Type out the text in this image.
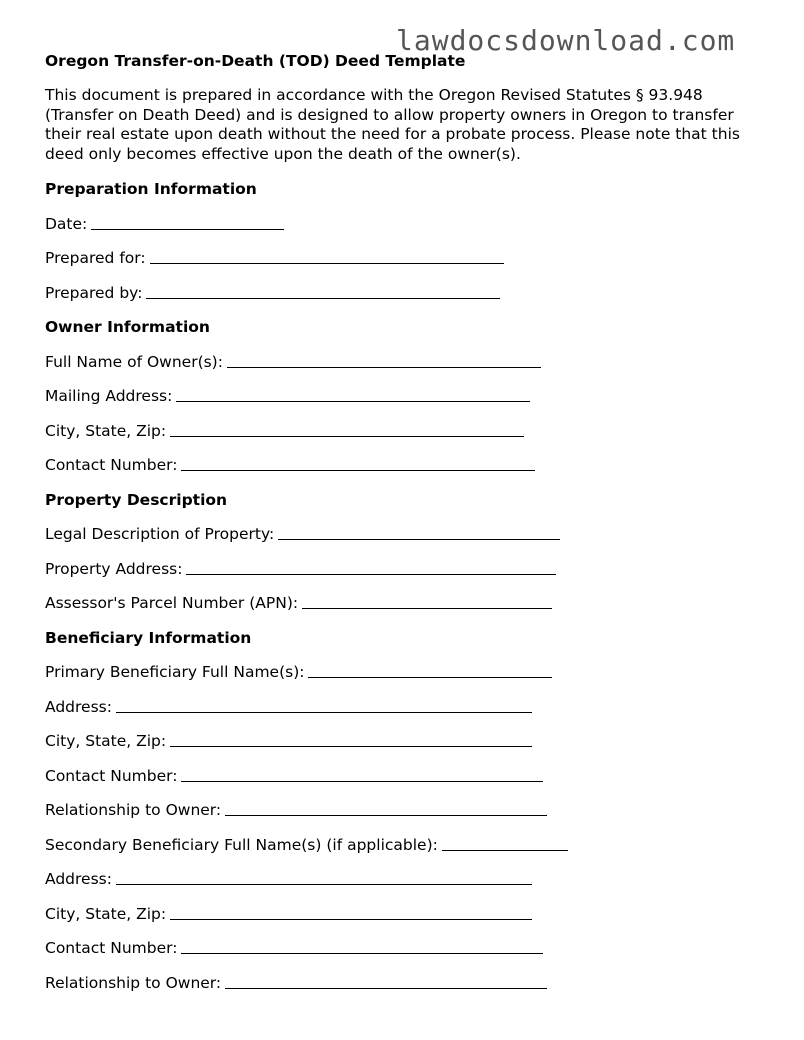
lawdocsdownload.com
Oregon Transfer-on-Death (TOD) Deed Template
This document is prepared in accordance with the Oregon Revised Statutes § 93.948 (Transfer on Death Deed) and is designed to allow property owners in Oregon to transfer their real estate upon death without the need for a probate process. Please note that this deed only becomes effective upon the death of the owner(s).
Preparation Information
Date:
Prepared for:
Prepared by:
Owner Information
Full Name of Owner(s):
Mailing Address:
City, State, Zip:
Contact Number:
Property Description
Legal Description of Property:
Property Address:
Assessor's Parcel Number (APN):
Beneficiary Information
Primary Beneficiary Full Name(s):
Address:
City, State, Zip:
Contact Number:
Relationship to Owner:
Secondary Beneficiary Full Name(s) (if applicable):
Address:
City, State, Zip:
Contact Number:
Relationship to Owner:
